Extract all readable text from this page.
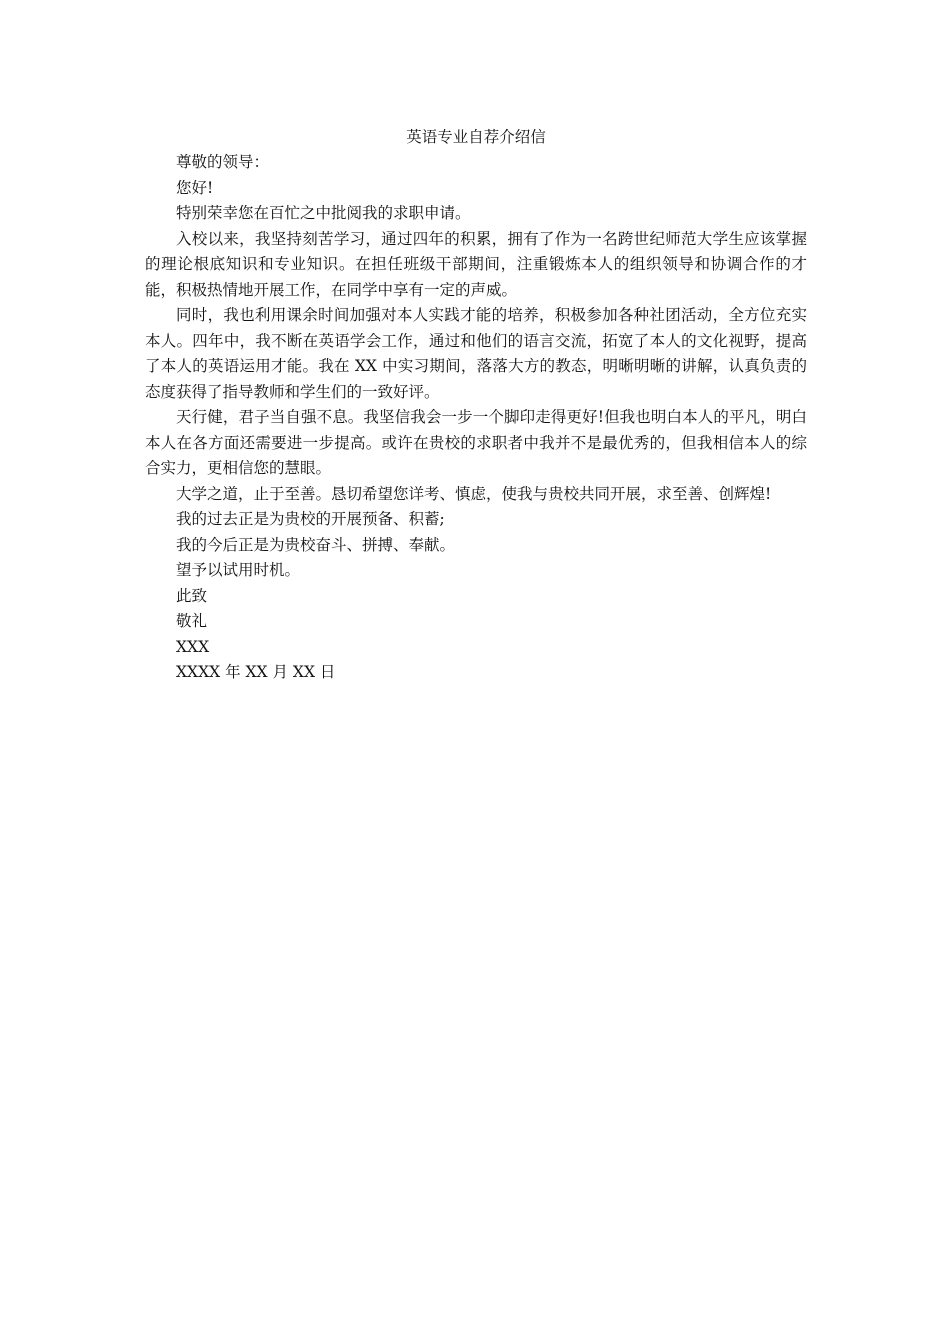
英语专业自荐介绍信

尊敬的领导：

您好!

特别荣幸您在百忙之中批阅我的求职申请。

入校以来，我坚持刻苦学习，通过四年的积累，拥有了作为一名跨世纪师范大学生应该掌握的理论根底知识和专业知识。在担任班级干部期间，注重锻炼本人的组织领导和协调合作的才能，积极热情地开展工作，在同学中享有一定的声威。

同时，我也利用课余时间加强对本人实践才能的培养，积极参加各种社团活动，全方位充实本人。四年中，我不断在英语学会工作，通过和他们的语言交流，拓宽了本人的文化视野，提高了本人的英语运用才能。我在 XX 中实习期间，落落大方的教态，明晰明晰的讲解，认真负责的态度获得了指导教师和学生们的一致好评。

天行健，君子当自强不息。我坚信我会一步一个脚印走得更好!但我也明白本人的平凡，明白本人在各方面还需要进一步提高。或许在贵校的求职者中我并不是最优秀的，但我相信本人的综合实力，更相信您的慧眼。

大学之道，止于至善。恳切希望您详考、慎虑，使我与贵校共同开展，求至善、创辉煌!

我的过去正是为贵校的开展预备、积蓄;

我的今后正是为贵校奋斗、拼搏、奉献。

望予以试用时机。

此致

敬礼

XXX

XXXX 年 XX 月 XX 日
